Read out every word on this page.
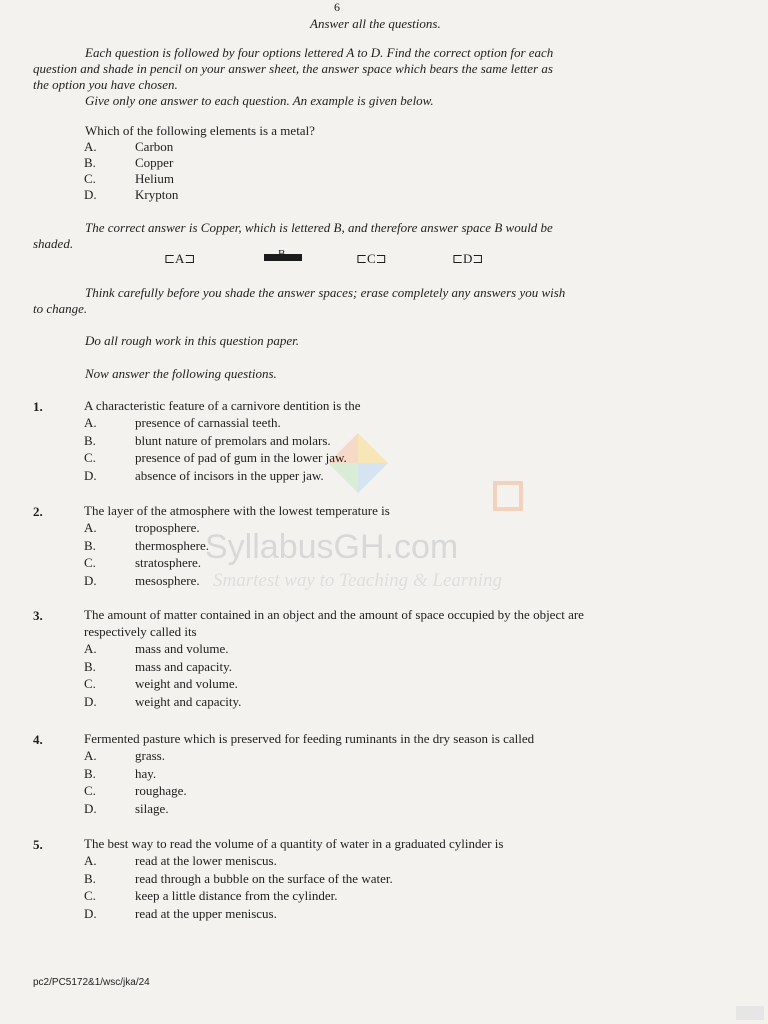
SyllabusGH.com
Smartest way to Teaching & Learning
6
Answer all the questions.
Each question is followed by four options lettered A to D. Find the correct option for each
question and shade in pencil on your answer sheet, the answer space which bears the same letter as
the option you have chosen.
Give only one answer to each question. An example is given below.
Which of the following elements is a metal?
A.	Carbon
B.	Copper
C.	Helium
D.	Krypton
The correct answer is Copper, which is lettered B, and therefore answer space B would be
shaded.
⊏A⊐	B	⊏C⊐	⊏D⊐
Think carefully before you shade the answer spaces; erase completely any answers you wish
to change.
Do all rough work in this question paper.
Now answer the following questions.
1.	A characteristic feature of a carnivore dentition is the
A.	presence of carnassial teeth.
B.	blunt nature of premolars and molars.
C.	presence of pad of gum in the lower jaw.
D.	absence of incisors in the upper jaw.
2.	The layer of the atmosphere with the lowest temperature is
A.	troposphere.
B.	thermosphere.
C.	stratosphere.
D.	mesosphere.
3.	The amount of matter contained in an object and the amount of space occupied by the object are
respectively called its
A.	mass and volume.
B.	mass and capacity.
C.	weight and volume.
D.	weight and capacity.
4.	Fermented pasture which is preserved for feeding ruminants in the dry season is called
A.	grass.
B.	hay.
C.	roughage.
D.	silage.
5.	The best way to read the volume of a quantity of water in a graduated cylinder is
A.	read at the lower meniscus.
B.	read through a bubble on the surface of the water.
C.	keep a little distance from the cylinder.
D.	read at the upper meniscus.
pc2/PC5172&1/wsc/jka/24
